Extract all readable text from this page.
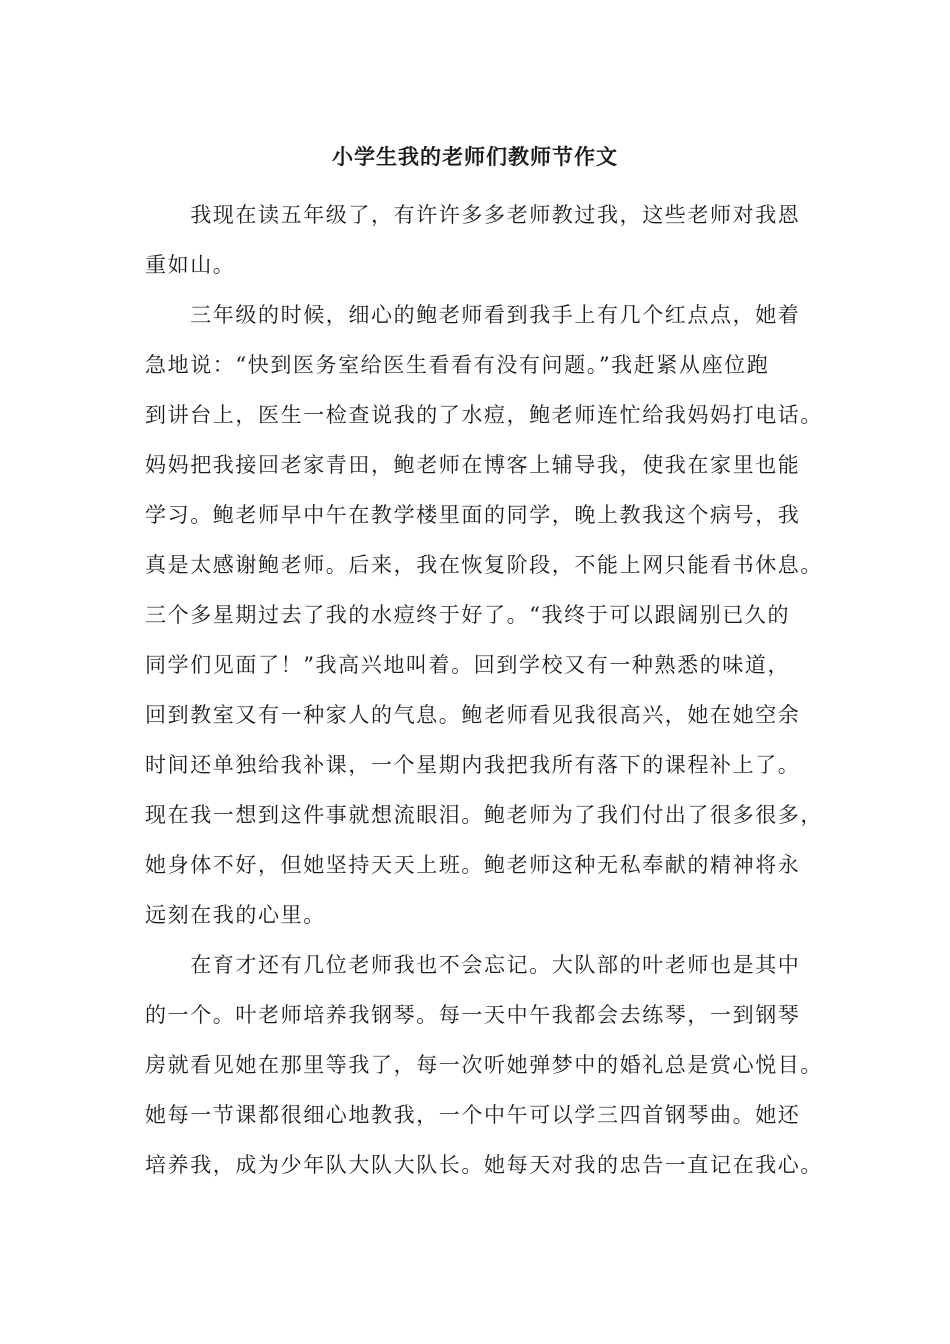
小学生我的老师们教师节作文
　　我现在读五年级了，有许许多多老师教过我，这些老师对我恩
重如山。
　　三年级的时候，细心的鲍老师看到我手上有几个红点点，她着
急地说：“快到医务室给医生看看有没有问题。”我赶紧从座位跑
到讲台上，医生一检查说我的了水痘，鲍老师连忙给我妈妈打电话。
妈妈把我接回老家青田，鲍老师在博客上辅导我，使我在家里也能
学习。鲍老师早中午在教学楼里面的同学，晚上教我这个病号，我
真是太感谢鲍老师。后来，我在恢复阶段，不能上网只能看书休息。
三个多星期过去了我的水痘终于好了。“我终于可以跟阔别已久的
同学们见面了！”我高兴地叫着。回到学校又有一种熟悉的味道，
回到教室又有一种家人的气息。鲍老师看见我很高兴，她在她空余
时间还单独给我补课，一个星期内我把我所有落下的课程补上了。
现在我一想到这件事就想流眼泪。鲍老师为了我们付出了很多很多，
她身体不好，但她坚持天天上班。鲍老师这种无私奉献的精神将永
远刻在我的心里。
　　在育才还有几位老师我也不会忘记。大队部的叶老师也是其中
的一个。叶老师培养我钢琴。每一天中午我都会去练琴，一到钢琴
房就看见她在那里等我了，每一次听她弹梦中的婚礼总是赏心悦目。
她每一节课都很细心地教我，一个中午可以学三四首钢琴曲。她还
培养我，成为少年队大队大队长。她每天对我的忠告一直记在我心。
